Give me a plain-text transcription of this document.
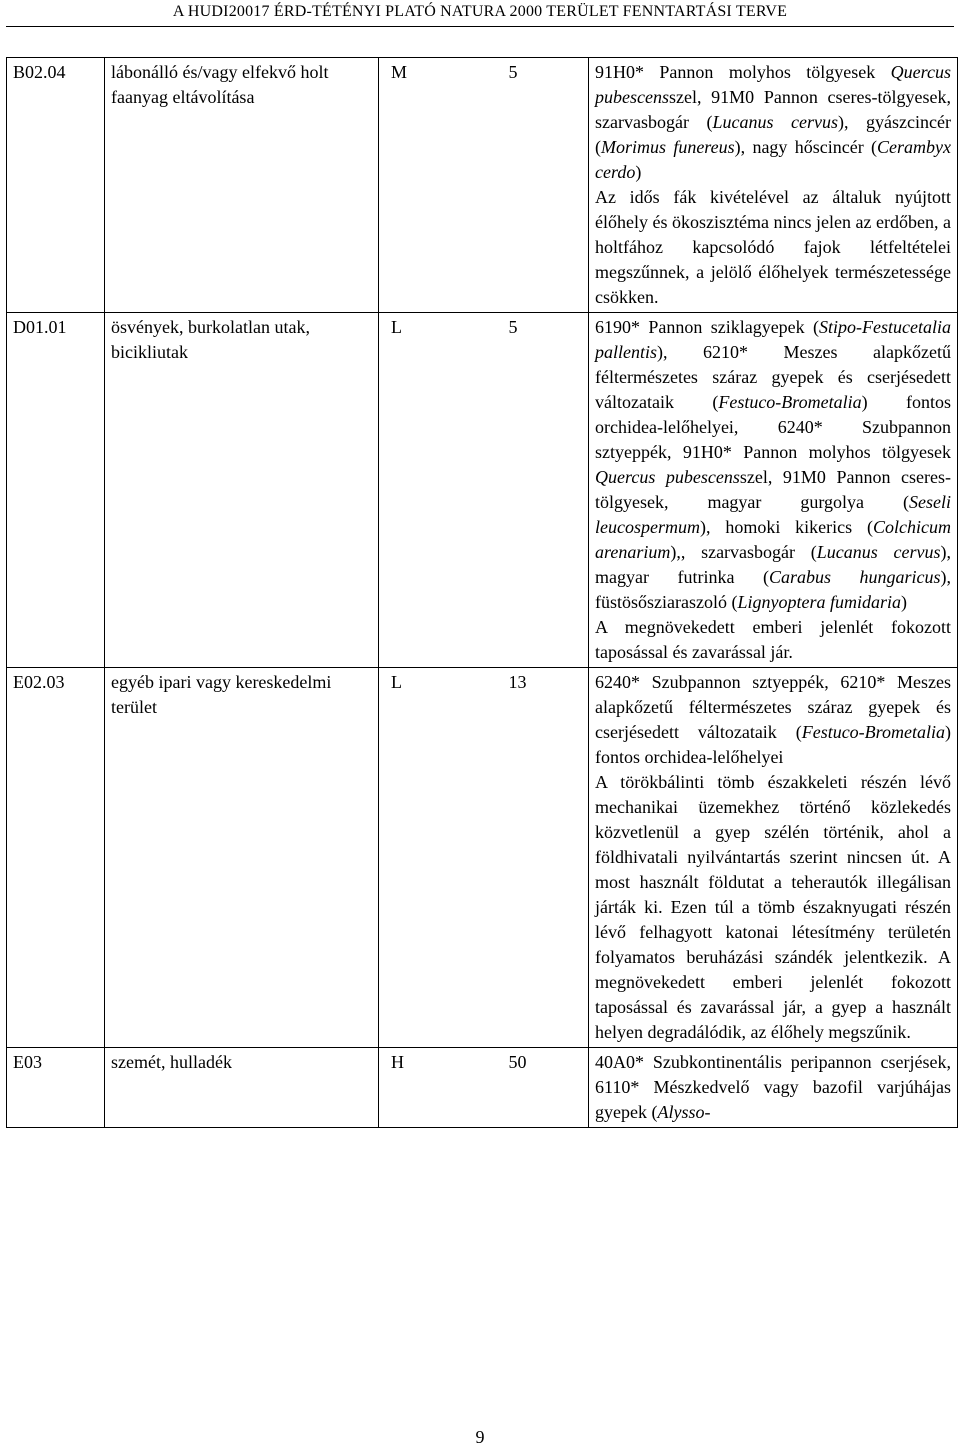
A HUDI20017 ÉRD-TÉTÉNYI PLATÓ NATURA 2000 TERÜLET FENNTARTÁSI TERVE
B02.04	lábonálló és/vagy elfekvő holt faanyag eltávolítása	M	5	91H0* Pannon molyhos tölgyesek Quercus pubescensszel, 91M0 Pannon cseres-tölgyesek, szarvasbogár (Lucanus cervus), gyászcincér (Morimus funereus), nagy hőscincér (Cerambyx cerdo)
Az idős fák kivételével az általuk nyújtott élőhely és ökoszisztéma nincs jelen az erdőben, a holtfához kapcsolódó fajok létfeltételei megszűnnek, a jelölő élőhelyek természetessége csökken.

D01.01	ösvények, burkolatlan utak, bicikliutak	L	5	6190* Pannon sziklagyepek (Stipo-Festucetalia pallentis), 6210* Meszes alapkőzetű féltermészetes száraz gyepek és cserjésedett változataik (Festuco-Brometalia) fontos orchidea-lelőhelyei, 6240* Szubpannon sztyeppék, 91H0* Pannon molyhos tölgyesek Quercus pubescensszel, 91M0 Pannon cseres-tölgyesek, magyar gurgolya (Seseli leucospermum), homoki kikerics (Colchicum arenarium),, szarvasbogár (Lucanus cervus), magyar futrinka (Carabus hungaricus), füstösősziaraszoló (Lignyoptera fumidaria)
A megnövekedett emberi jelenlét fokozott taposással és zavarással jár.

E02.03	egyéb ipari vagy kereskedelmi terület	L	13	6240* Szubpannon sztyeppék, 6210* Meszes alapkőzetű féltermészetes száraz gyepek és cserjésedett változataik (Festuco-Brometalia) fontos orchidea-lelőhelyei
A törökbálinti tömb északkeleti részén lévő mechanikai üzemekhez történő közlekedés közvetlenül a gyep szélén történik, ahol a földhivatali nyilvántartás szerint nincsen út. A most használt földutat a teherautók illegálisan járták ki. Ezen túl a tömb északnyugati részén lévő felhagyott katonai létesítmény területén folyamatos beruházási szándék jelentkezik. A megnövekedett emberi jelenlét fokozott taposással és zavarással jár, a gyep a használt helyen degradálódik, az élőhely megszűnik.

E03	szemét, hulladék	H	50	40A0* Szubkontinentális peripannon cserjések, 6110* Mészkedvelő vagy bazofil varjúhájas gyepek (Alysso-
9
